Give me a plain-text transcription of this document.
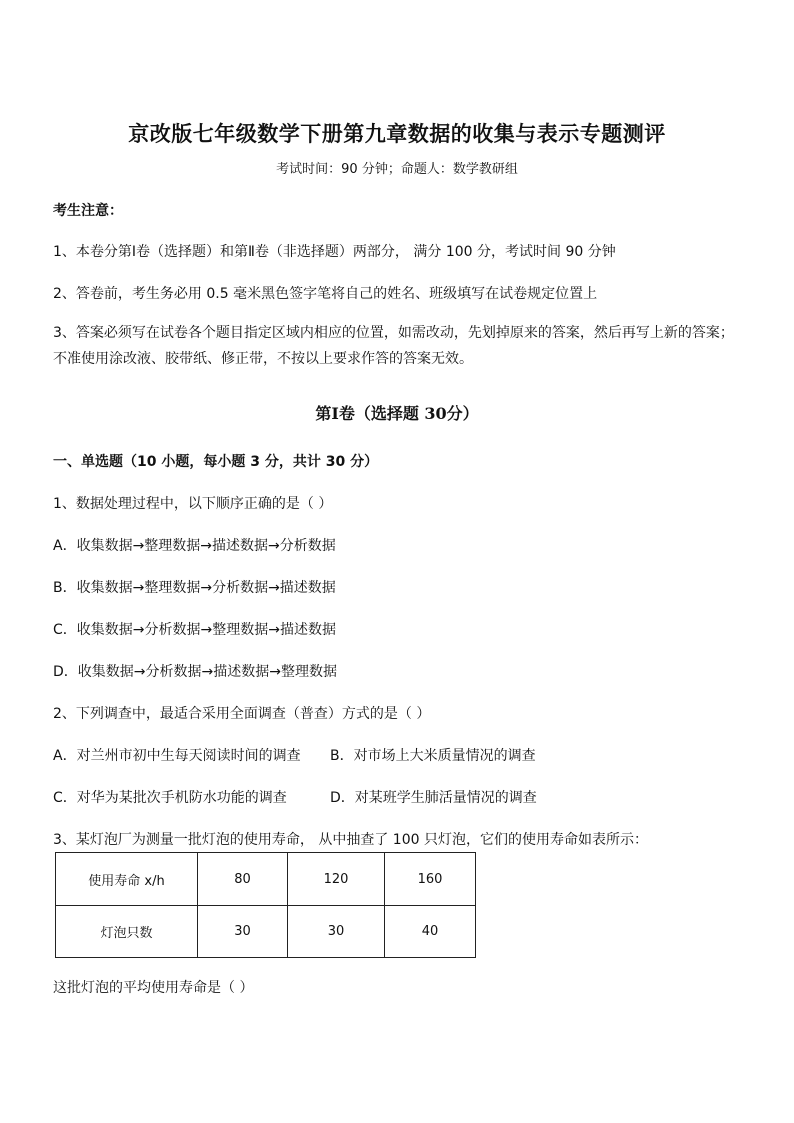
京改版七年级数学下册第九章数据的收集与表示专题测评
考试时间：90 分钟；命题人：数学教研组
考生注意：
1、本卷分第Ⅰ卷（选择题）和第Ⅱ卷（非选择题）两部分， 满分 100 分，考试时间 90 分钟
2、答卷前，考生务必用 0.5 毫米黑色签字笔将自己的姓名、班级填写在试卷规定位置上
3、答案必须写在试卷各个题目指定区域内相应的位置，如需改动，先划掉原来的答案，然后再写上新的答案；不准使用涂改液、胶带纸、修正带，不按以上要求作答的答案无效。
第Ⅰ卷（选择题 30分）
一、单选题（10 小题，每小题 3 分，共计 30 分）
1、数据处理过程中，以下顺序正确的是（ ）
A．收集数据→整理数据→描述数据→分析数据
B．收集数据→整理数据→分析数据→描述数据
C．收集数据→分析数据→整理数据→描述数据
D．收集数据→分析数据→描述数据→整理数据
2、下列调查中，最适合采用全面调查（普查）方式的是（ ）
A．对兰州市初中生每天阅读时间的调查 B．对市场上大米质量情况的调查
C．对华为某批次手机防水功能的调查	D．对某班学生肺活量情况的调查
3、某灯泡厂为测量一批灯泡的使用寿命， 从中抽查了 100 只灯泡，它们的使用寿命如表所示：
使用寿命 x/h	80	120	160
灯泡只数	30	30	40
这批灯泡的平均使用寿命是（ ）
